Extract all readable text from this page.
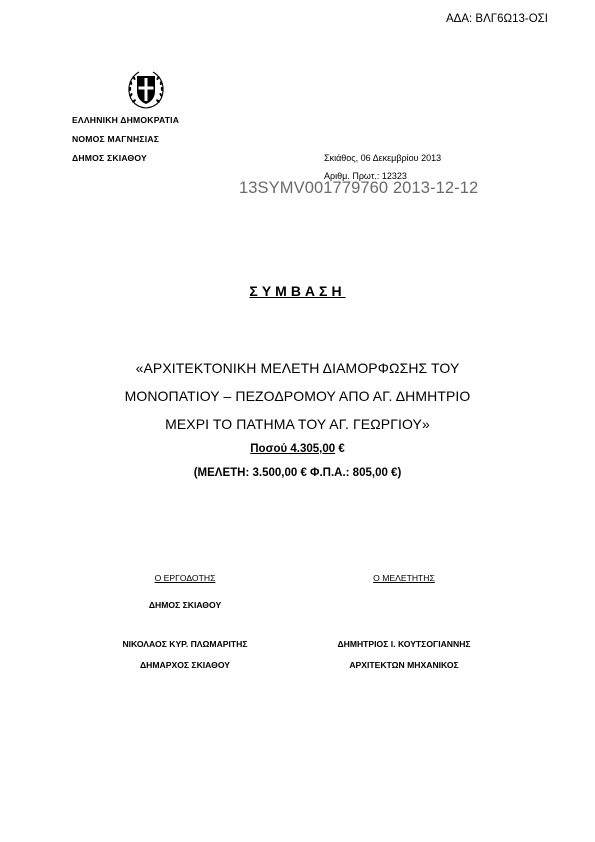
ΑΔΑ: ΒΛΓ6Ω13-ΟΣΙ
ΕΛΛΗΝΙΚΗ ΔΗΜΟΚΡΑΤΙΑ
ΝΟΜΟΣ ΜΑΓΝΗΣΙΑΣ
ΔΗΜΟΣ ΣΚΙΑΘΟΥ	Σκιάθος, 06 Δεκεμβρίου 2013
Αριθμ. Πρωτ.: 12323
13SYMV001779760 2013-12-12
ΣΥΜΒΑΣΗ
«ΑΡΧΙΤΕΚΤΟΝΙΚΗ ΜΕΛΕΤΗ ΔΙΑΜΟΡΦΩΣΗΣ ΤΟΥ
ΜΟΝΟΠΑΤΙΟΥ – ΠΕΖΟΔΡΟΜΟΥ ΑΠΟ ΑΓ. ΔΗΜΗΤΡΙΟ
ΜΕΧΡΙ ΤΟ ΠΑΤΗΜΑ ΤΟΥ ΑΓ. ΓΕΩΡΓΙΟΥ»
Ποσού 4.305,00 €
(ΜΕΛΕΤΗ: 3.500,00 € Φ.Π.Α.: 805,00 €)
Ο ΕΡΓΟΔΟΤΗΣ	Ο ΜΕΛΕΤΗΤΗΣ
ΔΗΜΟΣ ΣΚΙΑΘΟΥ
ΝΙΚΟΛΑΟΣ ΚΥΡ. ΠΛΩΜΑΡΙΤΗΣ	ΔΗΜΗΤΡΙΟΣ Ι. ΚΟΥΤΣΟΓΙΑΝΝΗΣ
ΔΗΜΑΡΧΟΣ ΣΚΙΑΘΟΥ	ΑΡΧΙΤΕΚΤΩΝ ΜΗΧΑΝΙΚΟΣ
